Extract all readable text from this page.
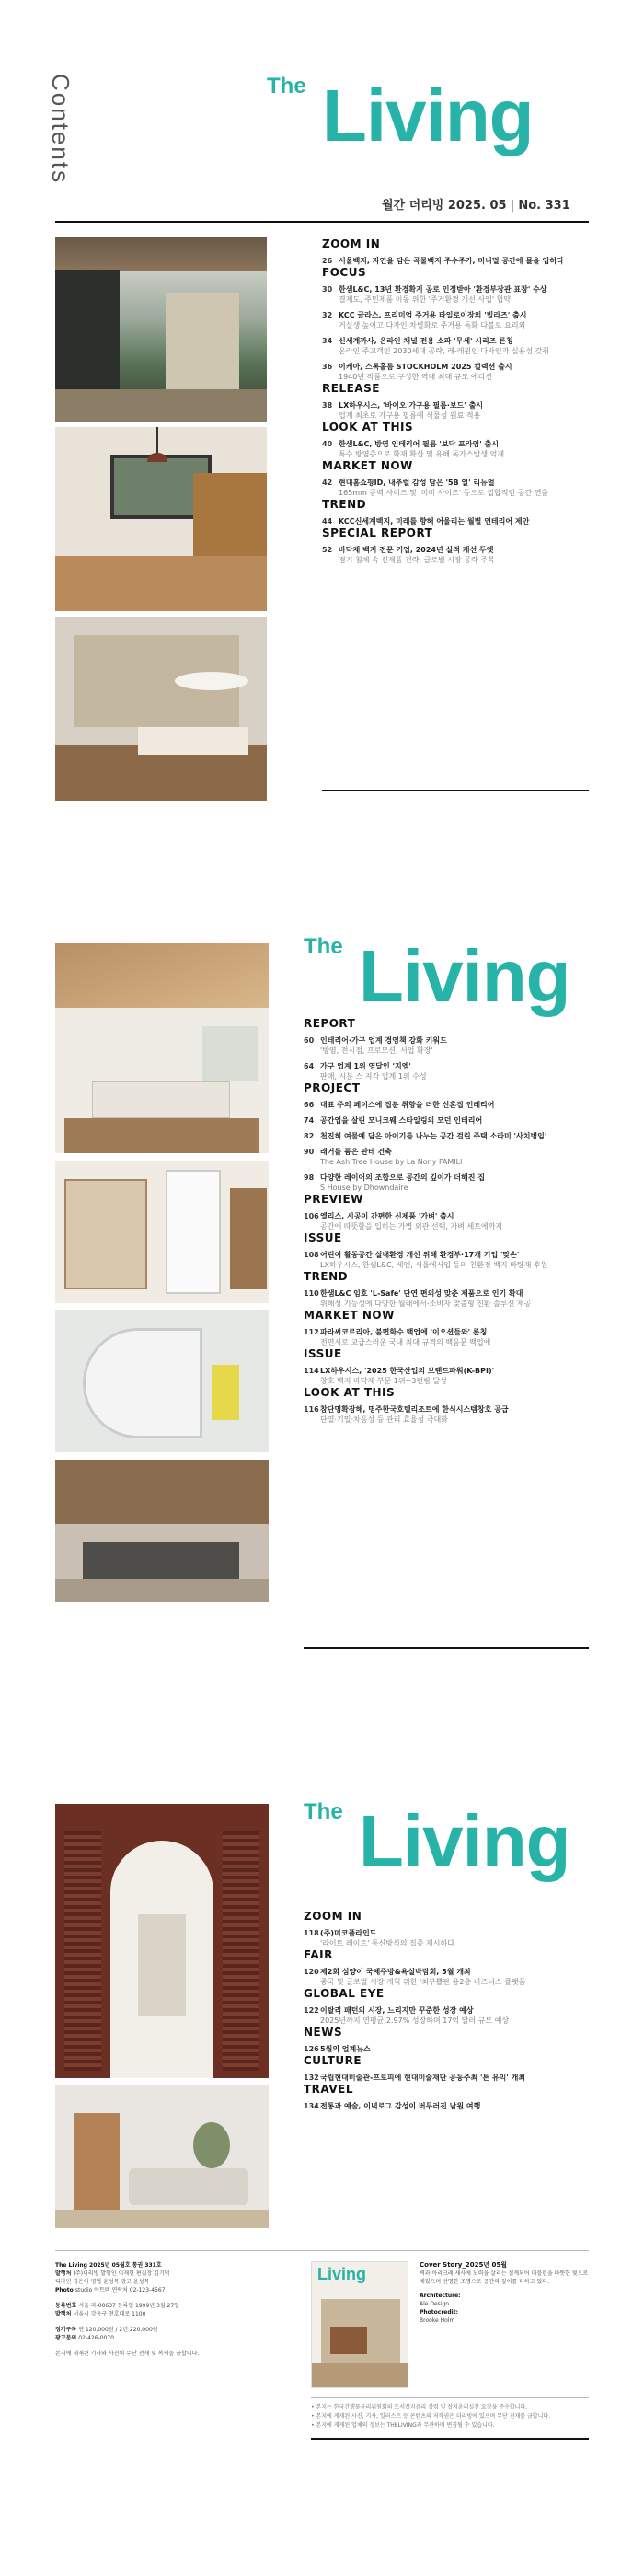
Contents	The Living
월간 더리빙 2025. 05 | No. 331
ZOOM IN
26 서울백지, 자연을 담은 곡물백지 주수주가, 미니멀 공간에 몰을 입히다
FOCUS
30 한샘L&C, 13년 환경확지 공로 인정받아 '환경부장관 표창' 수상
결제도, 주민제품 이동 위한 '주거환경 개선 사업' 협약
32 KCC 글라스, 프리미엄 주거용 타일로이장의 '빌라즈' 출시
거실생 높이고 다자인 차별화로 주거용 특화 다볼로 요리외
34 신세계까사, 온라인 채널 전용 소파 '무세' 시리즈 론칭
온라인 주고객인 2030세대 공략, 래-래원인 다자인과 실용성 갖춰
36 이케아, 스톡홀름 STOCKHOLM 2025 컬렉션 출시
1940년 작품으로 구성한 역대 최대 규모 에디션
RELEASE
38 LX하우시스, '바이오 가구용 필름·보드' 출시
업계 최초로 가구용 필름에 식물성 원료 적용
LOOK AT THIS
40 한샘L&C, 방염 인테리어 필름 '보닥 프라임' 출시
특수 방염층으로 화재 확산 및 유해 독가스발생 억제
MARKET NOW
42 현대홈쇼핑ID, 내추럴 감성 담은 '5B 일' 리뉴얼
165mm 공백 사이즈 및 '미미 사이즈' 등으로 집합적인 공간 연출
TREND
44 KCC신세계백지, 미래를 향해 어울리는 월별 인테리어 제안
SPECIAL REPORT
52 바닥재 백지 전문 기업, 2024년 실적 개선 두엣
경기 침체 속 신제품 전략, 글로벌 시장 공략 주목
The Living
REPORT
60 인테리어·가구 업계 경영책 강화 키워드
'방염, 전시점, 프로모션, 서업 확장'
64 가구 업계 1위 영달인 '지엠'
판매, 시분 스 지각 업계 1위 수성
PROJECT
66 대표 주의 페이스에 집분 취향을 더한 신혼집 인테리어
74 공간업을 살린 모니크웨 스타일링의 모던 인테리어
82 천진히 여물에 담은 아이기를 나누는 공간 걸린 주택 소라미 '사치병임'
90 래거를 품은 판테 건축
The Ash Tree House by La Nony FAMILI
98 다양한 레이어의 조합으로 공간의 깊이가 더해진 집
S House by Dhowndaire
PREVIEW
106 엘리스, 시공이 간편한 신제품 '가벼' 출시
공간에 따뜻함을 입히는 가볍 외관 선택, 가벼 세트에까지
ISSUE
108 어린이 활동공간 실내환경 개선 위해 환경부·17개 기업 '맞손'
LX하우시스, 한샘L&C, 세엔, 서울에서입 등의 친환경 백지 바탕재 후원
TREND
110 한샘L&C 임호 'L-Safe' 단연 편의성 맞춘 제품으로 인기 확대
위해성 기능성에 다양한 월래에서-소비자 맞춤형 친환 솔루션 제공
MARKET NOW
112 파라씨코르리아, 불면화수 백업에 '이오션들와' 론칭
전면서로 교급스러운 국내 최대 규격의 백음문 백업에
ISSUE
114 LX하우시스, '2025 한국산업의 브랜드파워(K-BPI)'
창호 백지 바닥재 부문 1위~3편림 달성
LOOK AT THIS
116 참단명확장해, 명주한국호텔리조트에 한식시스템창호 공급
단열·기밀·차음성 등 관리 효율성 극대화
The Living
ZOOM IN
118 (주)미코플라인드
'라이트 레이트' 통신방식의 집중 제시하다
FAIR
120 제2회 심양이 국제주방&욕실박람회, 5월 개최
중국 및 글로벌 시장 개척 위한 '최부뽑판 용2층 비즈니스 플랫폼
GLOBAL EYE
122 이탈리 패턴의 시장, 느리지만 꾸준한 성장 예상
2025년까지 연평균 2.97% 성장하며 17억 달러 규모 예상
NEWS
126 5월의 업계뉴스
CULTURE
132 국립현대미술관-프로피에 현대미술재단 공동주최 '톤 유익' 개최
TRAVEL
134 전통과 예술, 이녁로그 감성이 버무러진 남원 여행
The Living 2025년 05월호 통권 331호
발행처 (주)더리빙 발행인 이재현 편집장 김기덕
디자인 김은아 영업 윤성목 광고 윤성목
Photo studio 아트텍 연락처 02-123-4567
등록번호 서울 라-00637 등록일 1999년 3월 27일
발행처 서울시 강동구 천호대로 1100
정기구독 연 120,000원 / 2년 220,000원
광고문의 02-426-0070
본지에 게재된 기사와 사진의 무단 전재 및 복제를 금합니다.
Living	Cover Story_2025년 05월
벽과 아리크레 새사에 노력을 살리는 설계되어 더블린을 따뜻한 빛으로 채웠으며 선명한 조명으로 공간의 깊이를 더하고 있다.
Architecture:
Ale Design
Photocredit:
Brooke Holm
• 본지는 한국간행물윤리위원회의 도서잡지윤리 강령 및 잡지윤리실천 요강을 준수합니다.
• 본지에 게재된 사진, 기사, 일러스트 등 콘텐츠의 저작권은 더리빙에 있으며 무단 전재를 금합니다.
• 본지에 게재된 업체의 정보는 THELIVING과 무관하며 변경될 수 있습니다.
